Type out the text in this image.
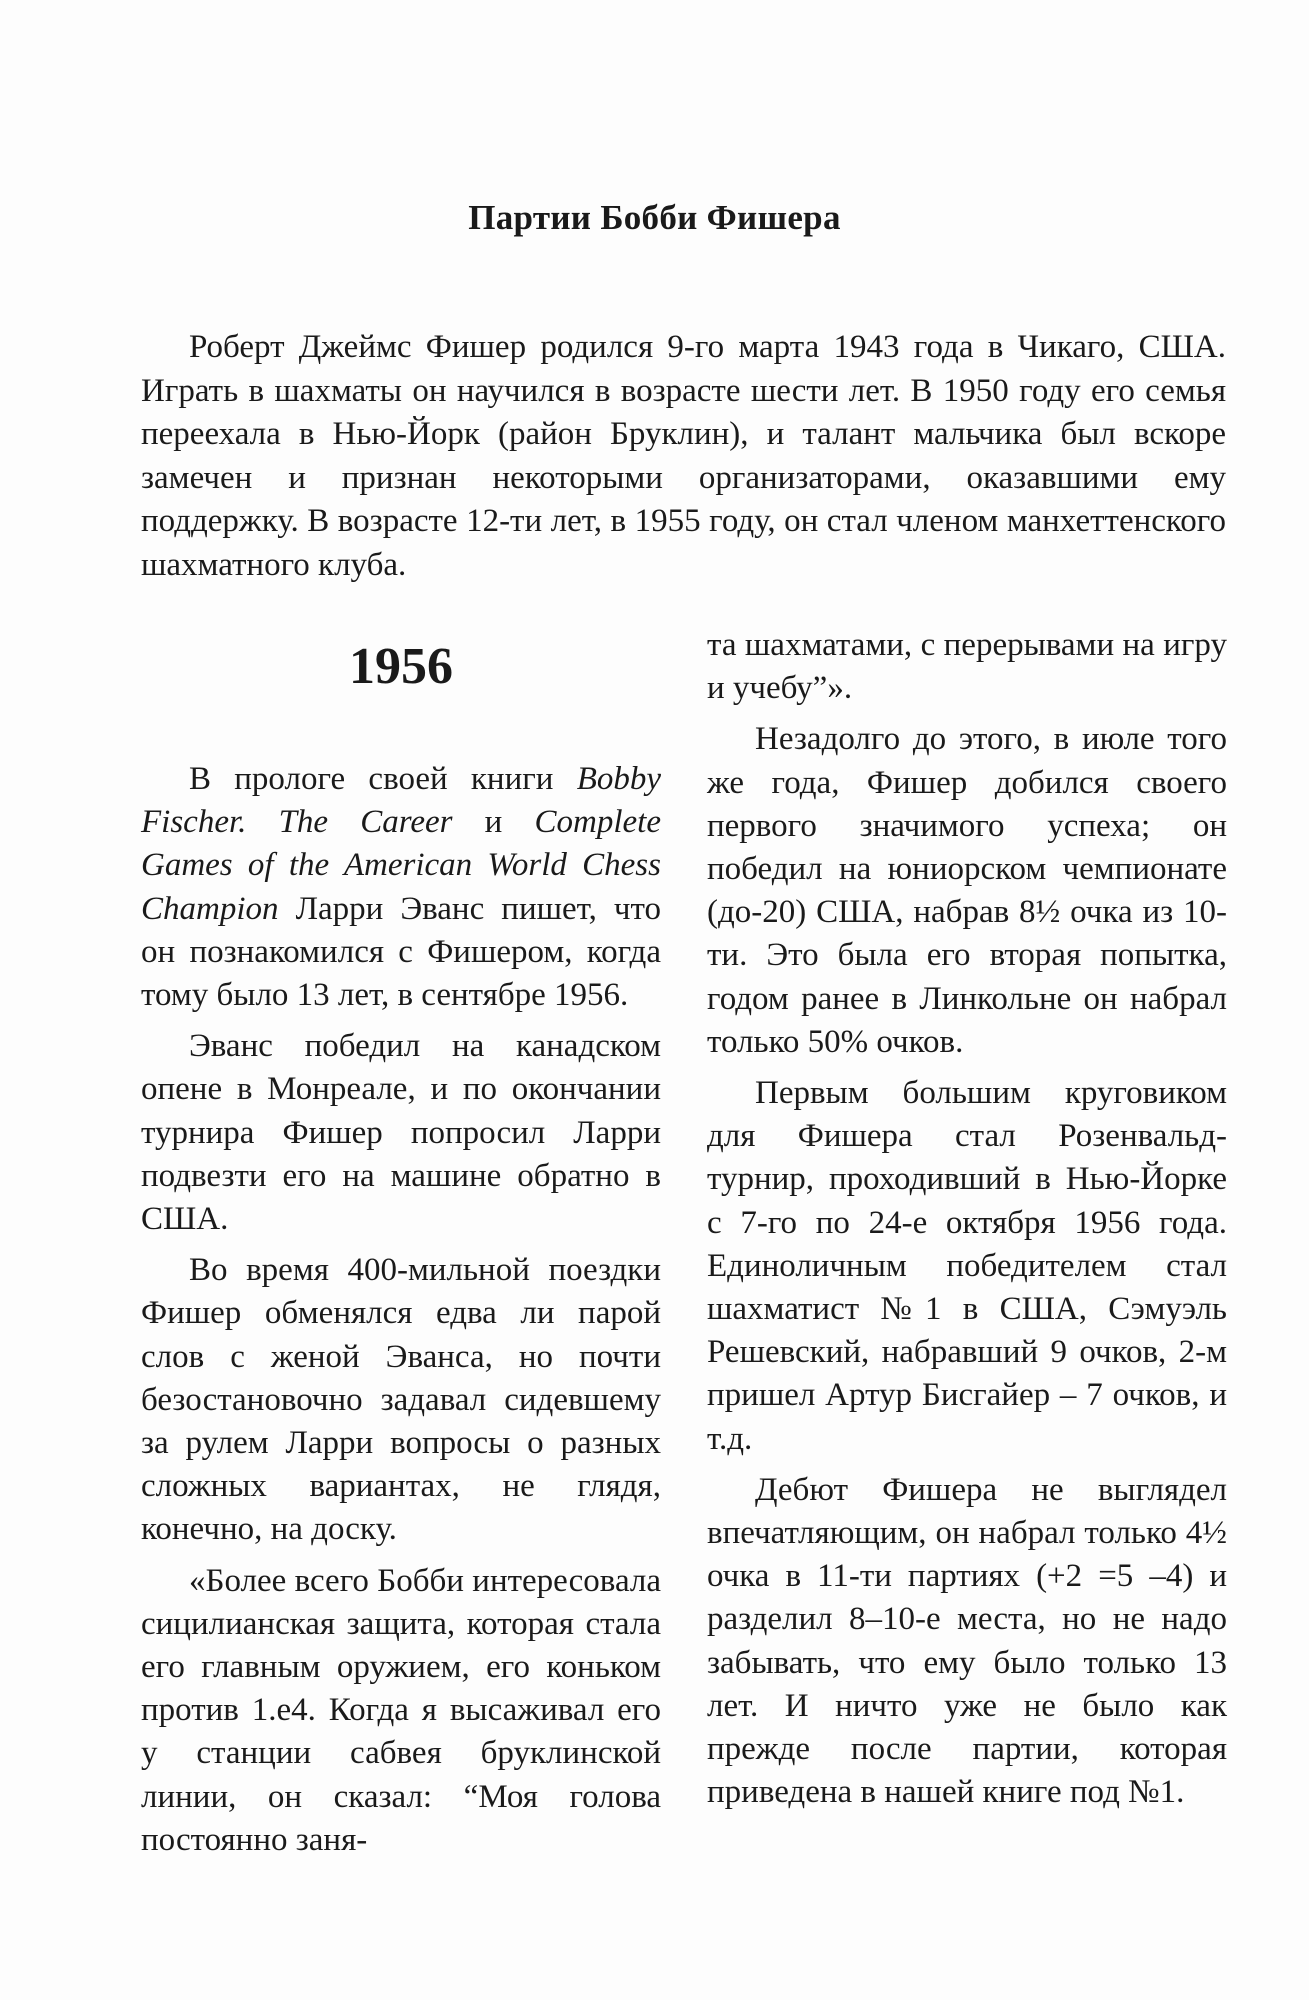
Партии Бобби Фишера

Роберт Джеймс Фишер родился 9-го марта 1943 года в Чикаго, США. Играть в шахматы он научился в возрасте шести лет. В 1950 году его семья переехала в Нью-Йорк (район Бруклин), и талант мальчика был вскоре замечен и признан некоторыми организаторами, оказавшими ему поддержку. В возрасте 12-ти лет, в 1955 году, он стал членом манхеттенского шахматного клуба.

1956

В прологе своей книги Bobby Fischer. The Career и Complete Games of the American World Chess Champion Ларри Эванс пишет, что он познакомился с Фишером, когда тому было 13 лет, в сентябре 1956.

Эванс победил на канадском опене в Монреале, и по окончании турнира Фишер попросил Ларри подвезти его на машине обратно в США.

Во время 400-мильной поездки Фишер обменялся едва ли парой слов с женой Эванса, но почти безостановочно задавал сидевшему за рулем Ларри вопросы о разных сложных вариантах, не глядя, конечно, на доску.

«Более всего Бобби интересовала сицилианская защита, которая стала его главным оружием, его коньком против 1.е4. Когда я высаживал его у станции сабвея бруклинской линии, он сказал: “Моя голова постоянно заня-

та шахматами, с перерывами на игру и учебу”».

Незадолго до этого, в июле того же года, Фишер добился своего первого значимого успеха; он победил на юниорском чемпионате (до-20) США, набрав 8½ очка из 10-ти. Это была его вторая попытка, годом ранее в Линкольне он набрал только 50% очков.

Первым большим круговиком для Фишера стал Розенвальд-турнир, проходивший в Нью-Йорке с 7-го по 24-е октября 1956 года. Единоличным победителем стал шахматист №1 в США, Сэмуэль Решевский, набравший 9 очков, 2-м пришел Артур Бисгайер – 7 очков, и т.д.

Дебют Фишера не выглядел впечатляющим, он набрал только 4½ очка в 11-ти партиях (+2 =5 –4) и разделил 8–10-е места, но не надо забывать, что ему было только 13 лет. И ничто уже не было как прежде после партии, которая приведена в нашей книге под №1.
